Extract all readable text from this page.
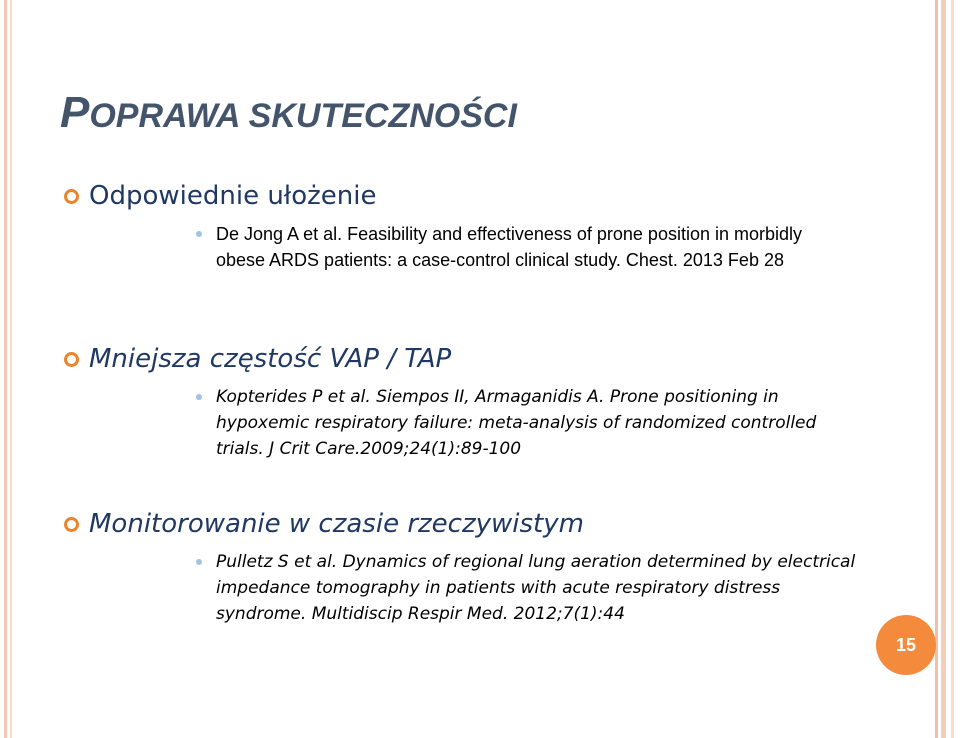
POPRAWA SKUTECZNOŚCI
Odpowiednie ułożenie
De Jong A et al. Feasibility and effectiveness of prone position in morbidly obese ARDS patients: a case-control clinical study. Chest. 2013 Feb 28
Mniejsza częstość VAP / TAP
Kopterides P et al. Siempos II, Armaganidis A. Prone positioning in hypoxemic respiratory failure: meta-analysis of randomized controlled trials. J Crit Care.2009;24(1):89-100
Monitorowanie w czasie rzeczywistym
Pulletz S et al. Dynamics of regional lung aeration determined by electrical impedance tomography in patients with acute respiratory distress syndrome. Multidiscip Respir Med. 2012;7(1):44
15
